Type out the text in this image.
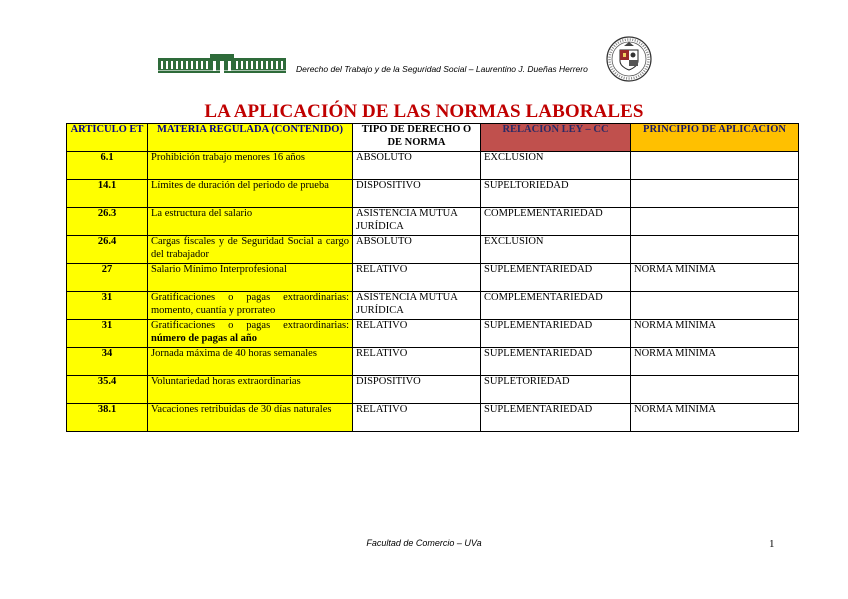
Derecho del Trabajo y de la Seguridad Social – Laurentino J. Dueñas Herrero
LA APLICACIÓN DE LAS NORMAS LABORALES
ARTÍCULO ET	MATERIA REGULADA (CONTENIDO)	TIPO DE DERECHO O DE NORMA	RELACIÓN LEY – CC	PRINCIPIO DE APLICACIÓN
6.1	Prohibición trabajo menores 16 años	ABSOLUTO	EXCLUSIÓN	
14.1	Límites de duración del periodo de prueba	DISPOSITIVO	SUPELTORIEDAD	
26.3	La estructura del salario	ASISTENCIA MUTUA JURÍDICA	COMPLEMENTARIEDAD	
26.4	Cargas fiscales y de Seguridad Social a cargo del trabajador	ABSOLUTO	EXCLUSIÓN	
27	Salario Mínimo Interprofesional	RELATIVO	SUPLEMENTARIEDAD	NORMA MÍNIMA
31	Gratificaciones o pagas extraordinarias: momento, cuantía y prorrateo	ASISTENCIA MUTUA JURÍDICA	COMPLEMENTARIEDAD	
31	Gratificaciones o pagas extraordinarias: número de pagas al año	RELATIVO	SUPLEMENTARIEDAD	NORMA MÍNIMA
34	Jornada máxima de 40 horas semanales	RELATIVO	SUPLEMENTARIEDAD	NORMA MÍNIMA
35.4	Voluntariedad horas extraordinarias	DISPOSITIVO	SUPLETORIEDAD	
38.1	Vacaciones retribuidas de 30 días naturales	RELATIVO	SUPLEMENTARIEDAD	NORMA MÍNIMA
Facultad de Comercio – UVa	1
